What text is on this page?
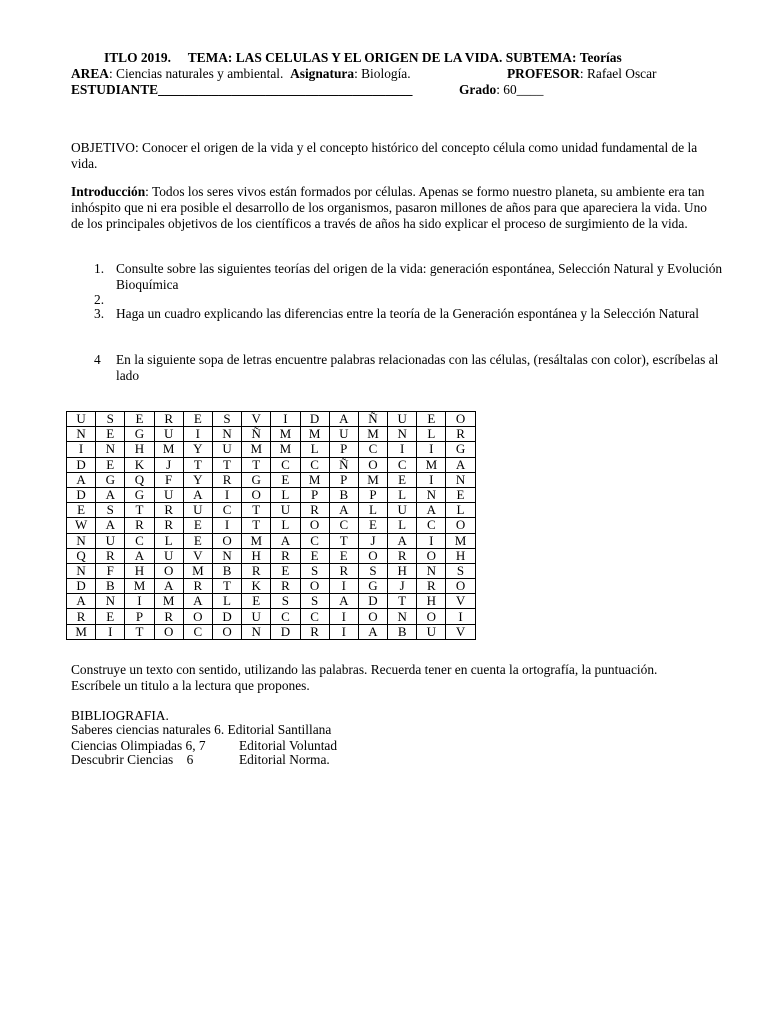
ITLO 2019. TEMA: LAS CELULAS Y EL ORIGEN DE LA VIDA. SUBTEMA: Teorías
AREA: Ciencias naturales y ambiental. Asignatura: Biología.	PROFESOR: Rafael Oscar
ESTUDIANTE______________________________________	Grado: 60____
OBJETIVO: Conocer el origen de la vida y el concepto histórico del concepto célula como unidad fundamental de la vida.
Introducción: Todos los seres vivos están formados por células. Apenas se formo nuestro planeta, su ambiente era tan inhóspito que ni era posible el desarrollo de los organismos, pasaron millones de años para que apareciera la vida. Uno de los principales objetivos de los científicos a través de años ha sido explicar el proceso de surgimiento de la vida.
1. Consulte sobre las siguientes teorías del origen de la vida: generación espontánea, Selección Natural y Evolución Bioquímica
2.
3. Haga un cuadro explicando las diferencias entre la teoría de la Generación espontánea y la Selección Natural
4 En la siguiente sopa de letras encuentre palabras relacionadas con las células, (resáltalas con color), escríbelas al lado
U	S	E	R	E	S	V	I	D	A	Ñ	U	E	O
N	E	G	U	I	N	Ñ	M	M	U	M	N	L	R
I	N	H	M	Y	U	M	M	L	P	C	I	I	G
D	E	K	J	T	T	T	C	C	Ñ	O	C	M	A
A	G	Q	F	Y	R	G	E	M	P	M	E	I	N
D	A	G	U	A	I	O	L	P	B	P	L	N	E
E	S	T	R	U	C	T	U	R	A	L	U	A	L
W	A	R	R	E	I	T	L	O	C	E	L	C	O
N	U	C	L	E	O	M	A	C	T	J	A	I	M
Q	R	A	U	V	N	H	R	E	E	O	R	O	H
N	F	H	O	M	B	R	E	S	R	S	H	N	S
D	B	M	A	R	T	K	R	O	I	G	J	R	O
A	N	I	M	A	L	E	S	S	A	D	T	H	V
R	E	P	R	O	D	U	C	C	I	O	N	O	I
M	I	T	O	C	O	N	D	R	I	A	B	U	V
Construye un texto con sentido, utilizando las palabras. Recuerda tener en cuenta la ortografía, la puntuación. Escríbele un titulo a la lectura que propones.
BIBLIOGRAFIA.
Saberes ciencias naturales 6. Editorial Santillana
Ciencias Olimpiadas 6, 7 Editorial Voluntad
Descubrir Ciencias    6	Editorial Norma.
